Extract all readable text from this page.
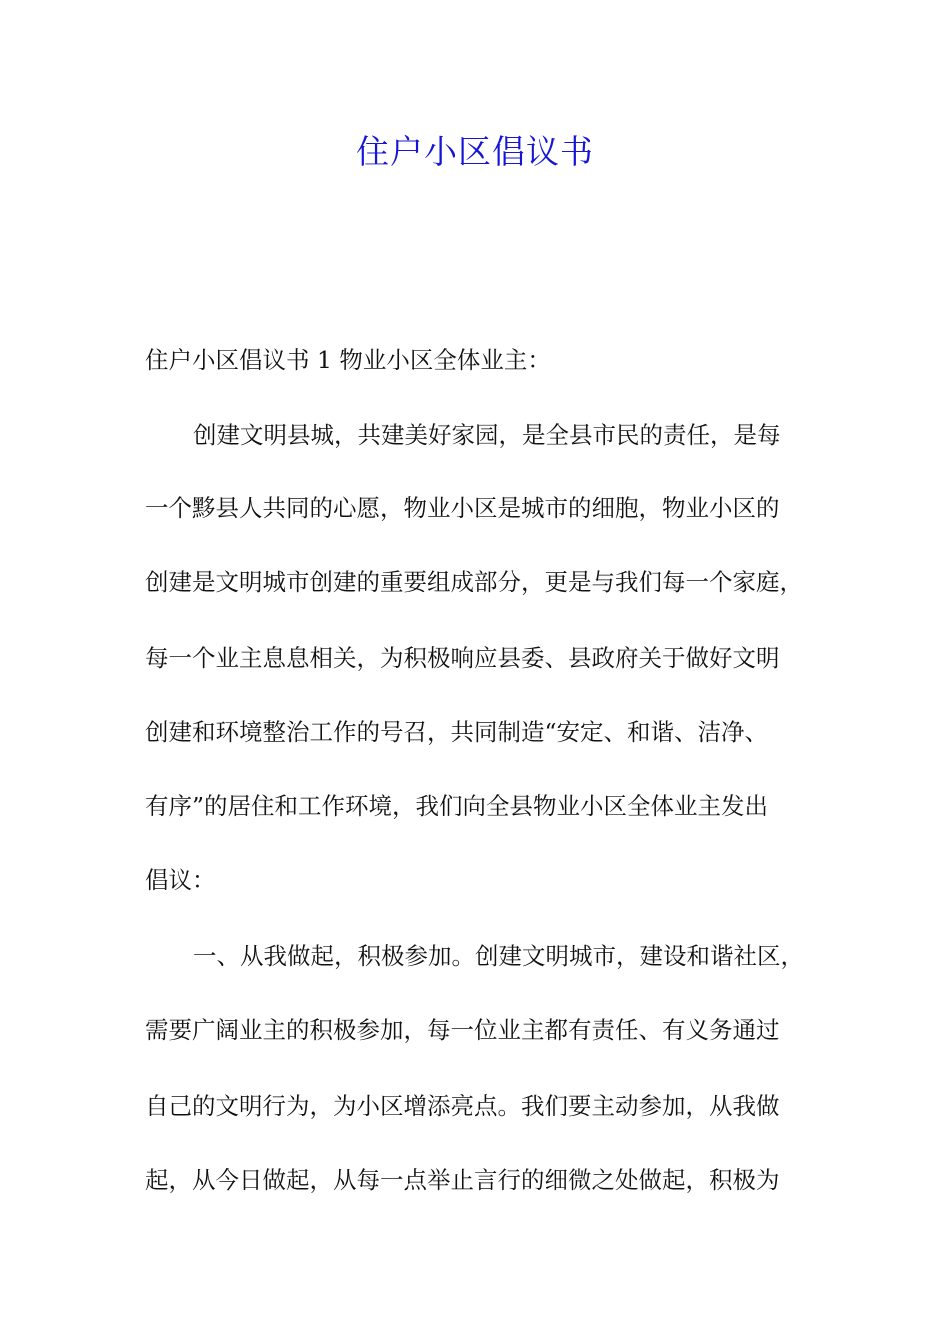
住户小区倡议书

住户小区倡议书 1 物业小区全体业主：

创建文明县城，共建美好家园，是全县市民的责任，是每

一个黟县人共同的心愿，物业小区是城市的细胞，物业小区的

创建是文明城市创建的重要组成部分，更是与我们每一个家庭，

每一个业主息息相关，为积极响应县委、县政府关于做好文明

创建和环境整治工作的号召，共同制造“安定、和谐、洁净、

有序”的居住和工作环境，我们向全县物业小区全体业主发出

倡议：

一、从我做起，积极参加。创建文明城市，建设和谐社区，

需要广阔业主的积极参加，每一位业主都有责任、有义务通过

自己的文明行为，为小区增添亮点。我们要主动参加，从我做

起，从今日做起，从每一点举止言行的细微之处做起，积极为
